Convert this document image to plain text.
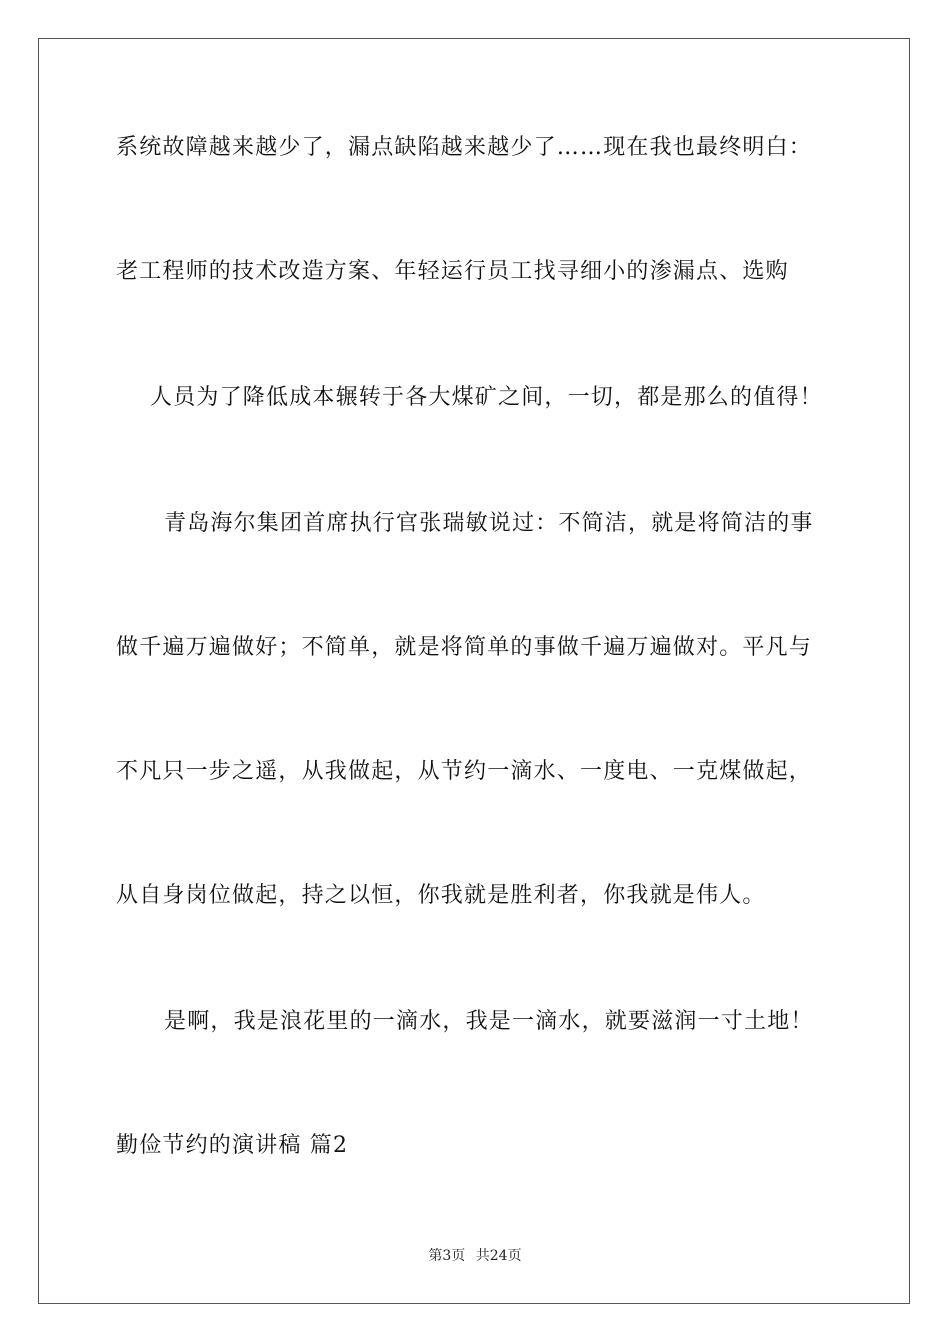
系统故障越来越少了，漏点缺陷越来越少了……现在我也最终明白：
老工程师的技术改造方案、年轻运行员工找寻细小的渗漏点、选购
人员为了降低成本辗转于各大煤矿之间，一切，都是那么的值得！
青岛海尔集团首席执行官张瑞敏说过：不简洁，就是将简洁的事
做千遍万遍做好；不简单，就是将简单的事做千遍万遍做对。平凡与
不凡只一步之遥，从我做起，从节约一滴水、一度电、一克煤做起，
从自身岗位做起，持之以恒，你我就是胜利者，你我就是伟人。
是啊，我是浪花里的一滴水，我是一滴水，就要滋润一寸土地！
勤俭节约的演讲稿 篇2
第3页 共24页
